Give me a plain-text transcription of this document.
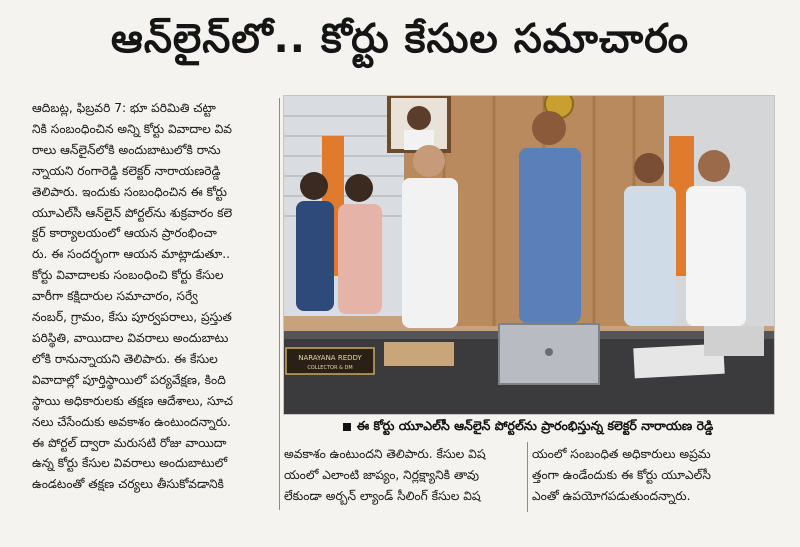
ఆన్‌లైన్‌లో.. కోర్టు కేసుల సమాచారం

ఆదిబట్ల, ఫిబ్రవరి 7: భూ పరిమితి చట్టా

నికి సంబంధించిన అన్ని కోర్టు వివాదాల వివ

రాలు ఆన్‌లైన్‌లోకి అందుబాటులోకి రాను

న్నాయని రంగారెడ్డి కలెక్టర్ నారాయణరెడ్డి

తెలిపారు. ఇందుకు సంబంధించిన ఈ కోర్టు

యూఎల్‌సీ ఆన్‌లైన్ పోర్టల్‌ను శుక్రవారం కలె

క్టర్ కార్యాలయంలో ఆయన ప్రారంభించా

రు. ఈ సందర్భంగా ఆయన మాట్లాడుతూ..

కోర్టు వివాదాలకు సంబంధించి కోర్టు కేసుల

వారీగా కక్షిదారుల సమాచారం, సర్వే

నంబర్, గ్రామం, కేసు పూర్వపరాలు, ప్రస్తుత

పరిస్థితి, వాయిదాల వివరాలు అందుబాటు

లోకి రానున్నాయని తెలిపారు. ఈ కేసుల

వివాదాల్లో పూర్తిస్థాయిలో పర్యవేక్షణ, కింది

స్థాయి అధికారులకు తక్షణ ఆదేశాలు, సూచ

నలు చేసేందుకు అవకాశం ఉంటుందన్నారు.

ఈ పోర్టల్ ద్వారా మరుసటి రోజు వాయిదా

ఉన్న కోర్టు కేసుల వివరాలు అందుబాటులో

ఉండటంతో తక్షణ చర్యలు తీసుకోవడానికి

NARAYANA REDDY
COLLECTOR & DM
ఈ కోర్టు యూఎల్‌సీ ఆన్‌లైన్ పోర్టల్‌ను ప్రారంభిస్తున్న కలెక్టర్ నారాయణ రెడ్డి

అవకాశం ఉంటుందని తెలిపారు. కేసుల విష

యంలో ఎలాంటి జాప్యం, నిర్లక్ష్యానికి తావు

లేకుండా అర్బన్ ల్యాండ్ సీలింగ్ కేసుల విష

యంలో సంబంధిత అధికారులు అప్రమ

త్తంగా ఉండేందుకు ఈ కోర్టు యూఎల్‌సీ

ఎంతో ఉపయోగపడుతుందన్నారు.
